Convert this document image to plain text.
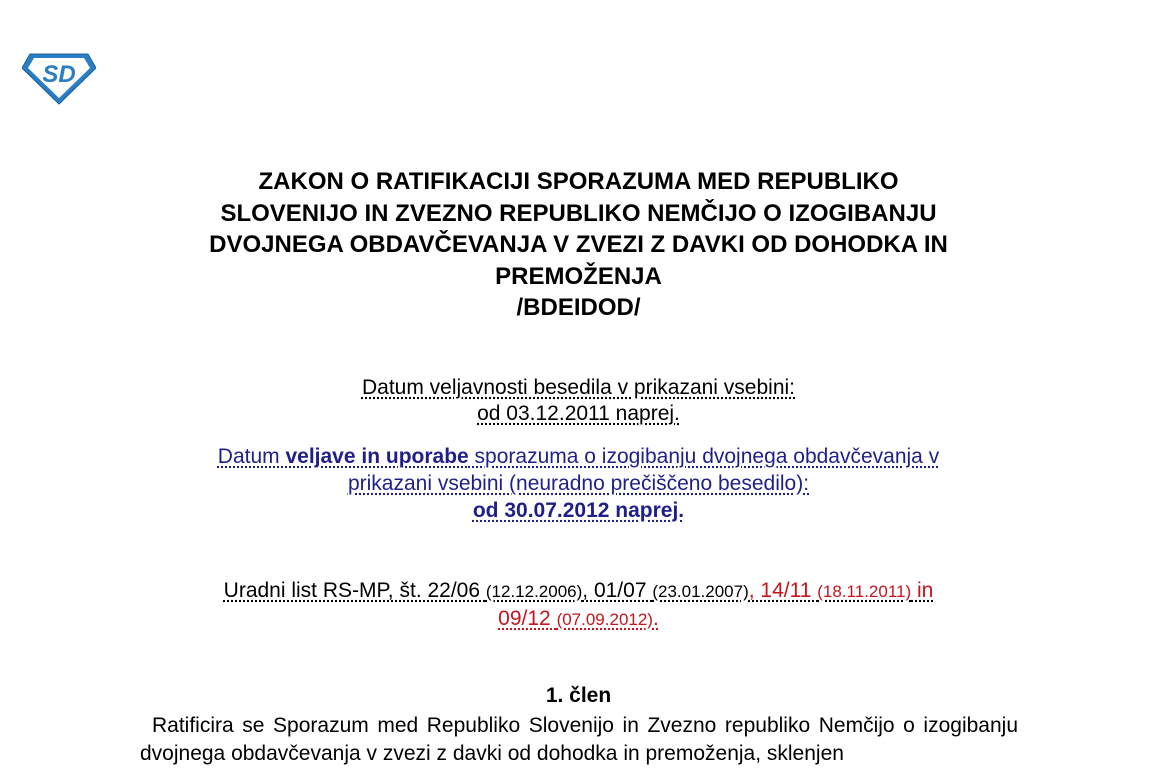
SD
ZAKON O RATIFIKACIJI SPORAZUMA MED REPUBLIKO
SLOVENIJO IN ZVEZNO REPUBLIKO NEMČIJO O IZOGIBANJU
DVOJNEGA OBDAVČEVANJA V ZVEZI Z DAVKI OD DOHODKA IN
PREMOŽENJA
/BDEIDOD/
Datum veljavnosti besedila v prikazani vsebini:
od 03.12.2011 naprej.
Datum veljave in uporabe sporazuma o izogibanju dvojnega obdavčevanja v
prikazani vsebini (neuradno prečiščeno besedilo):
od 30.07.2012 naprej.
Uradni list RS-MP, št. 22/06 (12.12.2006), 01/07 (23.01.2007), 14/11 (18.11.2011) in
09/12 (07.09.2012).
1. člen
Ratificira se Sporazum med Republiko Slovenijo in Zvezno republiko Nemčijo o izogibanju dvojnega obdavčevanja v zvezi z davki od dohodka in premoženja, sklenjen
